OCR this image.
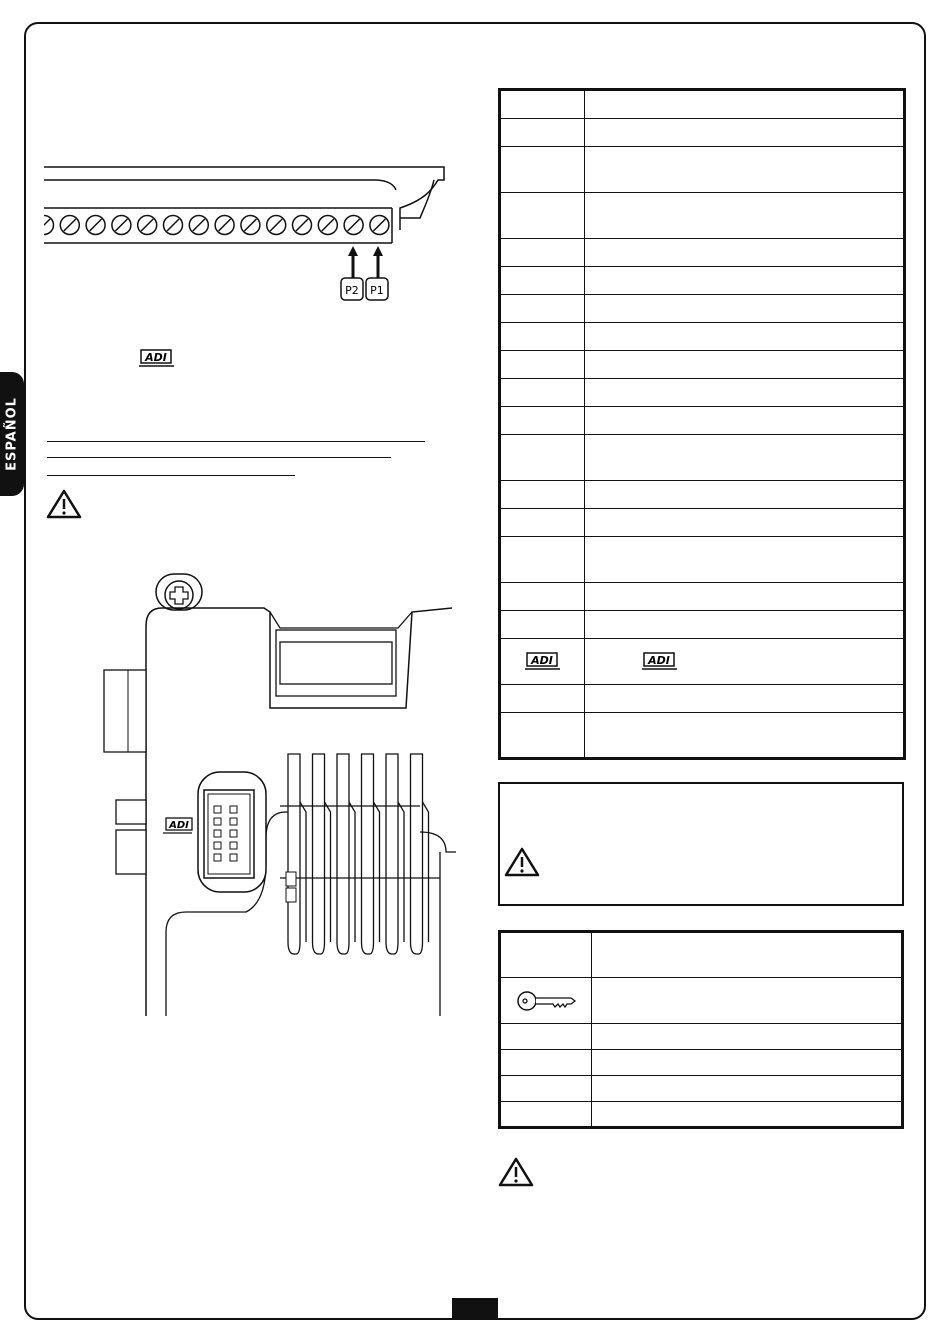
ESPAÑOL
P2 P1
ADI
ADI

ADI	ADI
